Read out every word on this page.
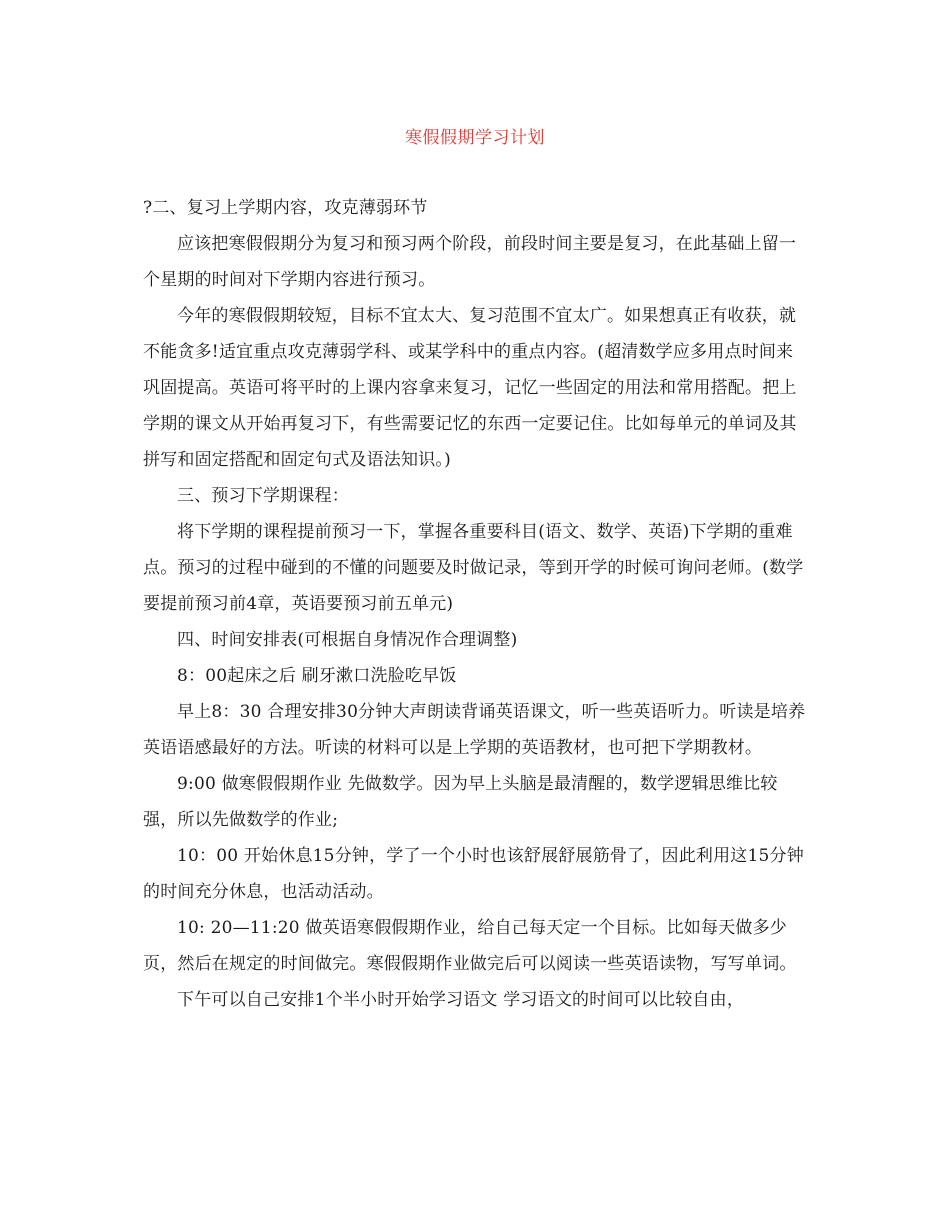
寒假假期学习计划

?二、复习上学期内容，攻克薄弱环节

应该把寒假假期分为复习和预习两个阶段，前段时间主要是复习，在此基础上留一个星期的时间对下学期内容进行预习。

今年的寒假假期较短，目标不宜太大、复习范围不宜太广。如果想真正有收获，就不能贪多!适宜重点攻克薄弱学科、或某学科中的重点内容。(超清数学应多用点时间来巩固提高。英语可将平时的上课内容拿来复习，记忆一些固定的用法和常用搭配。把上学期的课文从开始再复习下，有些需要记忆的东西一定要记住。比如每单元的单词及其拼写和固定搭配和固定句式及语法知识。)

三、预习下学期课程：

将下学期的课程提前预习一下，掌握各重要科目(语文、数学、英语)下学期的重难点。预习的过程中碰到的不懂的问题要及时做记录，等到开学的时候可询问老师。(数学要提前预习前4章，英语要预习前五单元)

四、时间安排表(可根据自身情况作合理调整)

8：00起床之后 刷牙漱口洗脸吃早饭

早上8：30 合理安排30分钟大声朗读背诵英语课文，听一些英语听力。听读是培养英语语感最好的方法。听读的材料可以是上学期的英语教材，也可把下学期教材。

9:00 做寒假假期作业 先做数学。因为早上头脑是最清醒的，数学逻辑思维比较强，所以先做数学的作业;

10：00 开始休息15分钟，学了一个小时也该舒展舒展筋骨了，因此利用这15分钟的时间充分休息，也活动活动。

10: 20—11:20 做英语寒假假期作业，给自己每天定一个目标。比如每天做多少页，然后在规定的时间做完。寒假假期作业做完后可以阅读一些英语读物，写写单词。

下午可以自己安排1个半小时开始学习语文 学习语文的时间可以比较自由，
